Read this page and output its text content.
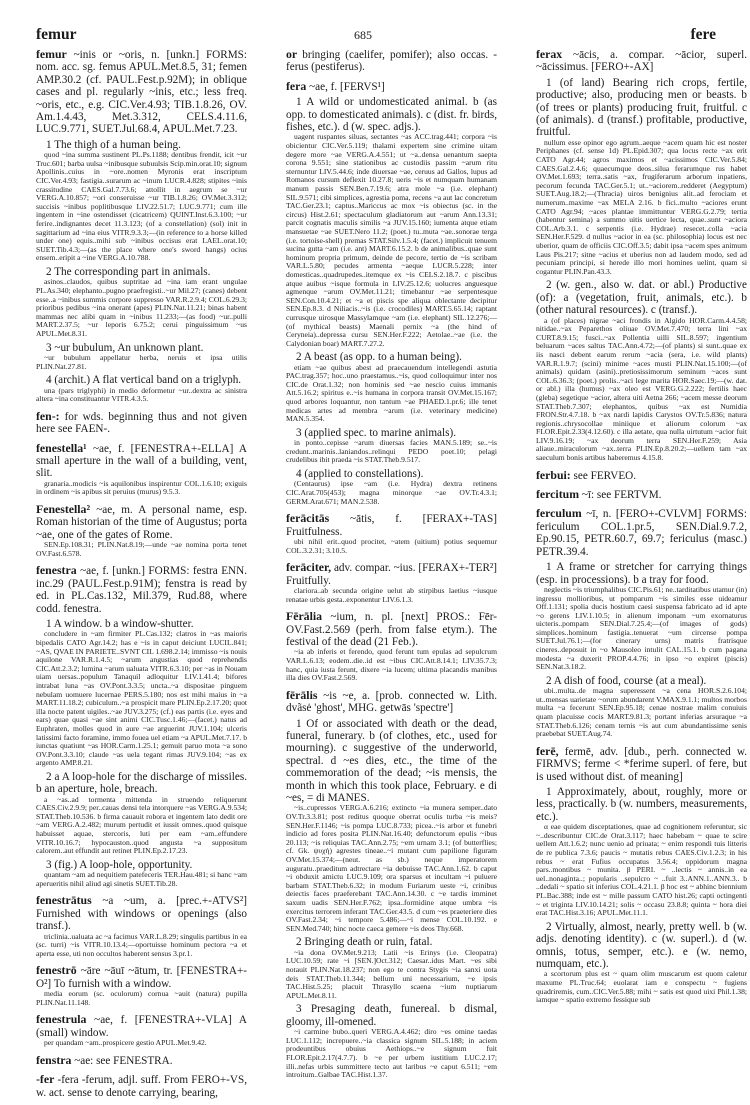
femur	685	fere
femur ~inis or ~oris, n. [unkn.] FORMS: nom. acc. sg. femus APUL.Met.8.5, 31; femen AMP.30.2 (cf. PAUL.Fest.p.92M); in oblique cases and pl. regularly ~inis, etc.; less freq. ~oris, etc., e.g. CIC.Ver.4.93; TIB.1.8.26, OV. Am.1.4.43, Met.3.312, CELS.4.11.6, LUC.9.771, SUET.Jul.68.4, APUL.Met.7.23.
1 The thigh of a human being.
quod ~ina summa sustinent PL.Ps.1188; dentibus frendit, icit ~ur Truc.601; barba uulsa ~inibusque subuulsis Scip.min.orat.10; signum Apollinis..cuius in ~ore..nomen Myronis erat inscriptum CIC.Ver.4.93; fastigia..surarum ac ~inum LUCR.4.828; stipites ~inis crassitudine CAES.Gal.7.73.6; attollit in aegrum se ~ur VERG.A.10.857; ~ori conseruisse ~ur TIB.1.8.26; OV.Met.3.312; succisis ~inibus poplitibusque LIV.22.51.7; LUC.9.771; cum ille ingentem in ~ine ostendisset (cicatricem) QUINT.Inst.6.3.100; ~ur ferire..indignantes decet 11.3.123; (of a constellation) (sol) init in sagittarium ad ~ina eius VITR.9.3.3;—(in reference to a horse killed under one) equis..mihi sub ~inibus occisus erat LAEL.orat.10; SUET.Tib.4.3;—(as the place where one's sword hangs) ocius ensem..eripit a ~ine VERG.A.10.788.
2 The corresponding part in animals.
asinos..claudos, quibus suptritae ad ~ina iam erant ungulae PL.As.340; elephanto..pugno praefregisti..~ur Mil.27; (canes) debent esse..a ~inibus summis corpore suppresso VAR.R.2.9.4; COL.6.29.3; prioribus pedibus ~ina onerant (apes) PLIN.Nat.11.21; binas habent mammas nec alibi quam in ~inibus 11.233;—(as food) ~ur..pulli MART.2.37.5; ~ur leporis 6.75.2; cerui pinguissimum ~us APUL.Met.8.31.
3 ~ur bubulum, An unknown plant.
~ur bubulum appellatur herba, neruis et ipsa utilis PLIN.Nat.27.81.
4 (archit.) A flat vertical band on a triglyph.
una (pars triglyphi) in medio deformetur ~ur..dextra ac sinistra altera ~ina constituantur VITR.4.3.5.
fen-: for wds. beginning thus and not given here see FAEN-.
fenestella¹ ~ae, f. [FENESTRA+-ELLA] A small aperture in the wall of a building, vent, slit.
granaria..modicis ~is aquilonibus inspirentur COL.1.6.10; exiguis in ordinem ~is apibus sit peruius (murus) 9.5.3.
Fenestella² ~ae, m. A personal name, esp. Roman historian of the time of Augustus; porta ~ae, one of the gates of Rome.
SEN.Ep.108.31; PLIN.Nat.8.19;—unde ~ae nomina porta tenet OV.Fast.6.578.
fenestra ~ae, f. [unkn.] FORMS: festra ENN. inc.29 (PAUL.Fest.p.91M); fenstra is read by ed. in PL.Cas.132, Mil.379, Rud.88, where codd. fenestra.
1 A window. b a window-shutter.
concludere in ~am firmiter PL.Cas.132; clatros in ~as maioris bipedalis CATO Agr.14.2; has e ~is in caput deiciunt LUCIL.841; ~AS, QVAE IN PARIETE..SVNT CIL 1.698.2.14; immisso ~is nouis aquilone VAR.R.1.4.5; ~arum angustias quod reprehendis CIC.Att.2.3.2; lumina ~arum ualuata VITR.6.3.10; per ~as in Nouam uiam uersas..populum Tanaquil adloquitur LIV.1.41.4; bifores intrabat luna ~as OV.Pont.3.3.5; uncta..~a dispositae pinguem nebulam uomuere lucernae PERS.5.180; nos est mihi maius in ~a MART.11.18.2; cubiculum..~a prospicit mare PLIN.Ep.2.17.20; quot illa nocte patent uigiles..~ae JUV.3.275; (cf.) eas partis (i.e. eyes and ears) quae quasi ~ae sint animi CIC.Tusc.1.46;—(facet.) natus ad Euphraten, molles quod in aure ~ae arguerint JUV.1.104; ulceris latissimi facto foramine, immo fouea uel etiam ~a APUL.Met.7.17. b iunctas quatiunt ~as HOR.Carm.1.25.1; gemuit paruo mota ~a sono OV.Pont.3.3.10; claude ~as uela tegant rimas JUV.9.104; ~as ex argento AMP.8.21.
2 a A loop-hole for the discharge of missiles. b an aperture, hole, breach.
a ~as..ad tormenta mittenda in struendo reliquerunt CAES.Civ.2.9.9; per..cauas densi tela intorquere ~as VERG.A.9.534; STAT.Theb.10.536. b firma cauauit robora et ingentem lato dedit ore ~am VERG.A.2.482; murum pertudit et iussit omnes..quod quisque habuisset aquae, stercoris, luti per eam ~am..effundere VITR.10.16.7; hypocauston..quod angusta ~a suppositum calorem..aut effundit aut retinet PLIN.Ep.2.17.23.
3 (fig.) A loop-hole, opportunity.
quantam ~am ad nequitiem patefeceris TER.Hau.481; si hanc ~am aperueritis nihil aliud agi sinetis SUET.Tib.28.
fenestrātus ~a ~um, a. [prec.+-ATVS²] Furnished with windows or openings (also transf.).
triclinia..ualuata ac ~a facimus VAR.L.8.29; singulis partibus in ea (sc. turri) ~is VITR.10.13.4;—oportuisse hominum pectora ~a et aperta esse, uti non occultos haberent sensus 3.pr.1.
fenestrō ~āre ~āuī ~ātum, tr. [FENESTRA+-O²] To furnish with a window.
media eorum (sc. oculorum) cornua ~auit (natura) pupilla PLIN.Nat.11.148.
fenestrula ~ae, f. [FENESTRA+-VLA] A (small) window.
per quandam ~am..prospicere gestio APUL.Met.9.42.
fenstra ~ae: see FENESTRA.
-fer -fera -ferum, adjl. suff. From FERO+-VS, w. act. sense to denote carrying, bearing,
or bringing (caelifer, pomifer); also occas. -ferus (pestiferus).
fera ~ae, f. [FERVS¹]
1 A wild or undomesticated animal. b (as opp. to domesticated animals). c (dist. fr. birds, fishes, etc.). d (w. spec. adjs.).
uagent ruspantes siluas, sectantes ~as ACC.trag.441; corpora ~is obicientur CIC.Ver.5.119; thalami expertem sine crimine uitam degere more ~ae VERG.A.4.551; ut ~a..densa uenantum saepta corona 9.551; sine stationibus ac custodiis passim ~arum ritu sternuntur LIV.5.44.6; inde diuersae ~ae, ceruus ad Gallos, lupus ad Romanos cursum deflexit 10.27.8; ueris ~is et numquam humanam manum passis SEN.Ben.7.19.6; atra mole ~a (i.e. elephant) SIL.9.571; cibi simplices, agrestia poma, recens ~a aut lac concretum TAC.Ger.23.1; captus..Mariccus ac mox ~is obiectus (sc. in the circus) Hist.2.61; spectaculum gladiatorum aut ~arum Ann.13.31; parcit cognatis maculis similis ~a JUV.15.160; iumenta atque etiam mansuetae ~ae SUET.Nero 11.2; (poet.) tu..muta ~ae..sonorae terga (i.e. tortoise-shell) premas STAT.Silv.1.5.4; (facet.) implicuit tenuem sucina gutta ~am (i.e. ant) MART.6.15.2. b de animalibus..quae sunt hominum propria primum, deinde de pecore, tertio de ~is scribam VAR.L.5.80; pecudes armenta ~aeque LUCR.5.228; inter domesticas..quadrupedes..itemque ex ~is CELS.2.18.7. c piscibus atque auibus ~isque formula in LIV.25.12.6; uolucres anguesque agmenque ~arum OV.Met.11.21; timebantur ~ae serpentesque SEN.Con.10.4.21; et ~a et piscis spe aliqua oblectante decipitur SEN.Ep.8.3. d Niliacis..~is (i.e. crocodiles) MART.5.65.14; raptant currusque uirosque Massylamque ~am (i.e. elephant) SIL.12.276;—(of mythical beasts) Maenali pernix ~a (the hind of Ceryneia)..depressa cursu SEN.Her.F.222; Aetolae..~ae (i.e. the Calydonian boar) MART.7.27.2.
2 A beast (as opp. to a human being).
etiam ~ae quibus abest ad praecauendum intellegendi astutia PAC.trag.357; hoc..uno praestamus..~is, quod colloquimur inter nos CIC.de Orat.1.32; non hominis sed ~ae nescio cuius immanis Att.5.16.2; spiritus e..~is humana in corpora transit OV.Met.15.167; quod arbores loquantur, non tantum ~ae PHAED.1.pr.6; ille tenet medicas artes ad membra ~arum (i.e. veterinary medicine) MAN.5.354.
3 (applied spec. to marine animals).
in ponto..cepisse ~arum diuersas facies MAN.5.189; se..~is credunt..marinis..laniandos..relinqui PEDO poet.10; pelagi crudelibus ibit praeda ~is STAT.Theb.9.517.
4 (applied to constellations).
(Centaurus) ipse ~am (i.e. Hydra) dextra retinens CIC.Arat.705(453); magna minorque ~ae OV.Tr.4.3.1; GERM.Arat.671; MAN.2.538.
ferācitās ~ātis, f. [FERAX+-TAS] Fruitfulness.
ubi nihil erit..quod procitet, ~atem (uitium) potius sequemur COL.3.2.31; 3.10.5.
ferāciter, adv. compar. ~ius. [FERAX+-TER²] Fruitfully.
clariora..ab secunda origine uelut ab stirpibus laetius ~iusque renatae urbis gesta..exponentur LIV.6.1.3.
Fērālia ~ium, n. pl. [next] PROS.: Fēr- OV.Fast.2.569 (perh. from false etym.). The festival of the dead (21 Feb.).
~ia ab inferis et ferendo, quod ferunt tum epulas ad sepulcrum VAR.L.6.13; eodem..die..id est ~ibus CIC.Att.8.14.1; LIV.35.7.3; hanc, quia iusta ferunt, dixere ~ia lucem; ultima placandis manibus illa dies OV.Fast.2.569.
fērālis ~is ~e, a. [prob. connected w. Lith. dvãsė 'ghost', MHG. getwās 'spectre']
1 Of or associated with death or the dead, funeral, funerary. b (of clothes, etc., used for mourning). c suggestive of the underworld, spectral. d ~es dies, etc., the time of the commemoration of the dead; ~is mensis, the month in which this took place, February. e di ~es, = di MANES.
~is..cupressos VERG.A.6.216; extincto ~ia munera semper..dato OV.Tr.3.3.81; post reditus quoque oberrat oculis turba ~is meis? SEN.Her.F.1146; ~is pompa LUC.8.733; picea..~is arbor et funebri indicio ad fores posita PLIN.Nat.16.40; defunctorum epulis ~ibus 20.113; ~is reliquias TAC.Ann.2.75; ~em urnam 3.1; (of butterflies; cf. Gk. ψυχή) agrestes tineae..~i mutant cum papilione figuram OV.Met.15.374;—(neut. as sb.) neque imperatorem auguratu..praeditum adtrectare ~ia debuisse TAC.Ann.1.62. b caput ~i obduxit amictu LUC.9.109; ora sparsus et incultam ~i puluere barbam STAT.Theb.6.32; in modum Furiarum ueste ~i, crinibus deiectis faces praeferebant TAC.Ann.14.30. c ~e tardis imminet saxum uadis SEN.Her.F.762; ipsa..formidine atque umbra ~is exercitus terrorem inferant TAC.Ger.43.5. d cum ~es praeteriere dies OV.Fast.2.34; ~i tempore 5.486;—~i mense COL.10.192. e SEN.Med.740; hinc nocte caeca gemere ~is deos Thy.668.
2 Bringing death or ruin, fatal.
~ia dona OV.Met.9.213; Latii ~is Erinys (i.e. Cleopatra) LUC.10.59; rate ~i [SEN.]Oct.312; Caesar..idus Mart. ~es sibi notauit PLIN.Nat.18.237; non ego te contra Stygis ~ia sanxi uota deis STAT.Theb.11.344; bellum uni necessarium, ~e ipsis TAC.Hist.5.25; placuit Thrasyllo scaena ~ium nuptiarum APUL.Met.8.11.
3 Presaging death, funereal. b dismal, gloomy, ill-omened.
~i carmine bubo..queri VERG.A.4.462; diro ~es omine taedas LUC.1.112; increpuere..~ia classica signum SIL.5.188; in aciem prodeuntibus obuius Aethiops..~e signum fuit FLOR.Epit.2.17(4.7.7). b ~e per urbem iustitium LUC.2.17; illi..nefas urbis summittere tecto aut laribus ~e caput 6.511; ~em introitum..Galbae TAC.Hist.1.37.
ferax ~ācis, a. compar. ~ācior, superl. ~ācissimus. [FERO+-AX]
1 (of land) Bearing rich crops, fertile, productive; also, producing men or beasts. b (of trees or plants) producing fruit, fruitful. c (of animals). d (transf.) profitable, productive, fruitful.
nullum esse opinor ego agrum..aeque ~acem quam hic est noster Periphanes (cf. sense 1d) PL.Epid.307; qua locus recte ~ax erit CATO Agr.44; agros maximos et ~acissimos CIC.Ver.5.84; CAES.Gal.2.4.6; quaecumque deos..silua ferarumque rus habet OV.Met.1.693; terra..satis ~ax, frugiferarum arborum inpatiens, pecorum fecunda TAC.Ger.5.1; ut..~aciorem..redderet (Aegyptum) SUET.Aug.18.2;—(Thracia) uiros benignius alit..ad ferociam et numerum..maxime ~ax MELA 2.16. b fici..multo ~aciores erunt CATO Agr.94; ~aces plantae immittuntur VERG.G.2.79; tertia (habentur semina) a summo uitis uertice lecta, quae..sunt ~aciora COL.Arb.3.1. c serpentis (i.e. Hydrae) resecet..colla ~acia SEN.Her.F.529. d nullus ~acior in ea (sc. philosophia) locus est nec uberior, quam de officiis CIC.Off.3.5; dabit ipsa ~acem spes animum Laus Pis.217; sitne ~acius et uberius non ad laudem modo, sed ad pecuniam principi, si herede illo mori homines uelint, quam si cogantur PLIN.Pan.43.3.
2 (w. gen., also w. dat. or abl.) Productive (of): a (vegetation, fruit, animals, etc.). b (other natural resources). c (transf.).
a (of places) nigrae ~aci frondis in Algido HOR.Carm.4.4.58; nitidae..~ax Peparethos oliuae OV.Met.7.470; terra lini ~ax CURT.8.9.15; fusci..~ax Pollentia uilli SIL.8.597; ingentium beluarum ~aces saltus TAC.Ann.4.72;—(of plants) si sunt..quae ex iis nasci debent earum rerum ~acia (sera, i.e. wild plants) VAR.R.1.9.7; (scini) minime ~aces musti PLIN.Nat.15.100;—(of animals) quidam (asini)..pretiosissimorum seminum ~aces sunt COL.6.36.3; (poet.) prolis..~aci lege marita HOR.Saec.19;—(w. dat. or abl.) illa (humus) ~ax oleo est VERG.G.2.222; fertilis haec (gleba) segetique ~acior, altera uiti Aetna 266; ~acem messe deorum STAT.Theb.7.307; elephantos, quibus ~ax est Numidia FRON.Str.4.7.18. b ~ax nardi lapidis Carystos OV.Tr.5.836; natura regionis..chrysocollae miniique et aliorum colorum ~ax FLOR.Epit.2.33(4.12.60). c illa aetate, qua nulla uirtutum ~acior fuit LIV.9.16.19; ~ax deorum terra SEN.Her.F.259; Asia aliaue..miraculorum ~ax..terra PLIN.Ep.8.20.2;—uellem tam ~ax saeculum bonis artibus haberemus 4.15.8.
ferbui: see FERVEO.
fercitum ~ī: see FERTVM.
ferculum ~ī, n. [FERO+-CVLVM] FORMS: fericulum COL.1.pr.5, SEN.Dial.9.7.2, Ep.90.15, PETR.60.7, 69.7; fericulus (masc.) PETR.39.4.
1 A frame or stretcher for carrying things (esp. in processions). b a tray for food.
neglectis ~is triumphalibus CIC.Pis.61; ne..tarditatibus utamur (in) ingressu mollioribus, ut pomparum ~is similes esse uideamur Off.1.131; spolia ducis hostium caesi suspensa fabricato ad id apte ~o gerens LIV.1.10.5; in alienum imponam ~um exornaturus uicteris..pompam SEN.Dial.7.25.4;—(of images of gods) simplices..hominum fastigia..tenuerat ~um circense pompa SUET.Jul.76.1;—(for cinerary urns) matris fratrisque cineres..deposuit in ~o Mausoleo intulit CAL.15.1. b cum pagana modesta ~a duxerit PROP.4.4.76; in ipso ~o expiret (piscis) SEN.Nat.3.18.2.
2 A dish of food, course (at a meal).
ubi..multa..de magna superessent ~a cena HOR.S.2.6.104; ut..mensas uarietate ~orum abundarent V.MAX.9.1.1; multos morbos multa ~a fecerunt SEN.Ep.95.18; cenae nostrae malim conuiuis quam placuisse cocis MART.9.81.3; portant inferias arsuraque ~a STAT.Theb.6.126; cenam ternis ~is aut cum abundantissime senis praebebat SUET.Aug.74.
ferē, fermē, adv. [dub., perh. connected w. FIRMVS; ferme < *ferime superl. of fere, but is used without dist. of meaning]
1 Approximately, about, roughly, more or less, practically. b (w. numbers, measurements, etc.).
α eae quidem disceptationes, quae ad cognitionem referuntur, sic ~..describuntur CIC.de Orat.3.117; haec habebam ~ quae te scire uellem Att.1.6.2; nunc uenio ad priuata; ~ enim respondi tuis litteris de re publica 7.3.6; paucis ~ mutatis rebus CAES.Civ.1.2.3; in his rebus ~ erat Fufius occupatus 3.56.4; oppidorum magna pars..montibus ~ munita. β PERI. ~ ..lectis ~ annis..in ea uel..nonaginta..; popularis ..sepulcro ~ ..fuit 3..ANN.1..ANN.3.. b ..dedali ~ spatio sit inferius COL.4.21.1. β hoc est ~ abhinc biennium PL.Bac.388; inde est ~ mille passum CATO hist.26; capti octingenti ~ et triginta LIV.10.14.21; solis ~ occasu 23.8.8; quinta ~ hora diei erat TAC.Hist.3.16; APUL.Met.11.1.
2 Virtually, almost, nearly, pretty well. b (w. adjs. denoting identity). c (w. superl.). d (w. omnis, totus, semper, etc.). e (w. nemo, numquam, etc.).
a scortorum plus est ~ quam olim muscarum est quom caletur maxume PL.Truc.64; euolarat iam e conspectu ~ fugiens quadriremis, cum..CIC.Ver.5.88; mihi ~ satis est quod uixi Phil.1.38; iamque ~ spatio extremo fessique sub
